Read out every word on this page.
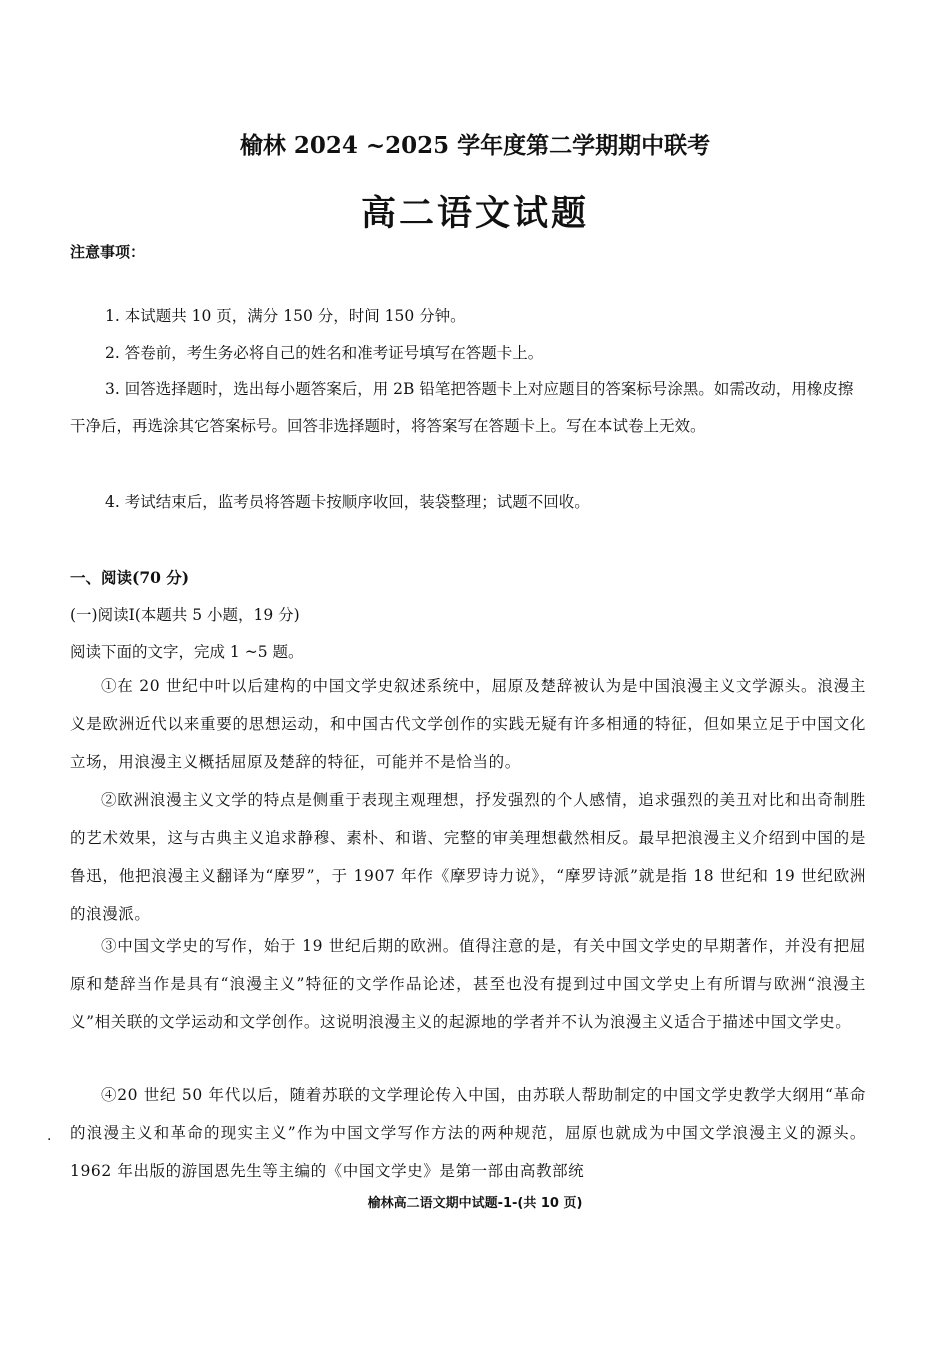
榆林 2024 ~2025 学年度第二学期期中联考
高二语文试题
注意事项：
1. 本试题共 10 页，满分 150 分，时间 150 分钟。
2. 答卷前，考生务必将自己的姓名和准考证号填写在答题卡上。
3. 回答选择题时，选出每小题答案后，用 2B 铅笔把答题卡上对应题目的答案标号涂黑。如需改动，用橡皮擦干净后，再选涂其它答案标号。回答非选择题时，将答案写在答题卡上。写在本试卷上无效。
4. 考试结束后，监考员将答题卡按顺序收回，装袋整理；试题不回收。
一、阅读(70 分)
(一)阅读Ⅰ(本题共 5 小题，19 分)
阅读下面的文字，完成 1 ~5 题。
①在 20 世纪中叶以后建构的中国文学史叙述系统中，屈原及楚辞被认为是中国浪漫主义文学源头。浪漫主义是欧洲近代以来重要的思想运动，和中国古代文学创作的实践无疑有许多相通的特征，但如果立足于中国文化立场，用浪漫主义概括屈原及楚辞的特征，可能并不是恰当的。
②欧洲浪漫主义文学的特点是侧重于表现主观理想，抒发强烈的个人感情，追求强烈的美丑对比和出奇制胜的艺术效果，这与古典主义追求静穆、素朴、和谐、完整的审美理想截然相反。最早把浪漫主义介绍到中国的是鲁迅，他把浪漫主义翻译为“摩罗”，于 1907 年作《摩罗诗力说》，“摩罗诗派”就是指 18 世纪和 19 世纪欧洲的浪漫派。
③中国文学史的写作，始于 19 世纪后期的欧洲。值得注意的是，有关中国文学史的早期著作，并没有把屈原和楚辞当作是具有“浪漫主义”特征的文学作品论述，甚至也没有提到过中国文学史上有所谓与欧洲“浪漫主义”相关联的文学运动和文学创作。这说明浪漫主义的起源地的学者并不认为浪漫主义适合于描述中国文学史。
④20 世纪 50 年代以后，随着苏联的文学理论传入中国，由苏联人帮助制定的中国文学史教学大纲用“革命的浪漫主义和革命的现实主义”作为中国文学写作方法的两种规范，屈原也就成为中国文学浪漫主义的源头。1962 年出版的游国恩先生等主编的《中国文学史》是第一部由高教部统
·
榆林高二语文期中试题-1-(共 10 页)
